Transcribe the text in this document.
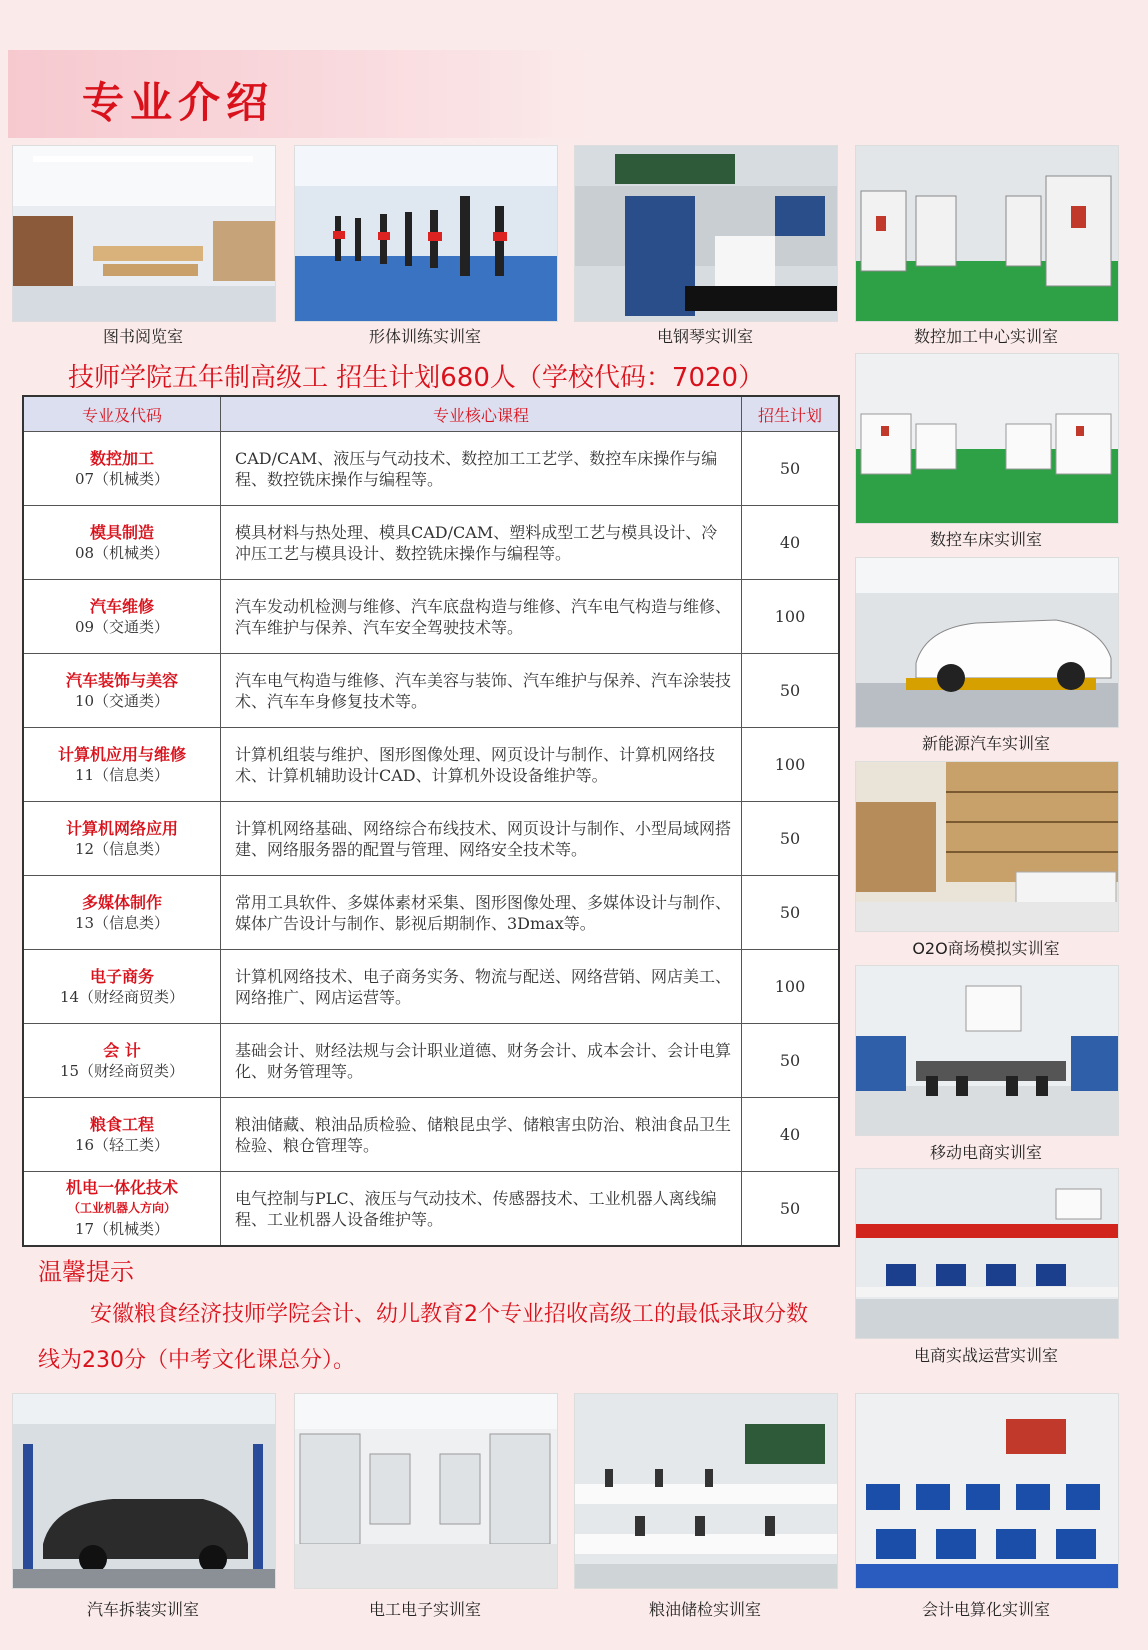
专业介绍
图书阅览室	形体训练实训室	电钢琴实训室	数控加工中心实训室
数控车床实训室
新能源汽车实训室
O2O商场模拟实训室
移动电商实训室
电商实战运营实训室
技师学院五年制高级工 招生计划680人（学校代码：7020）
专业及代码	专业核心课程	招生计划

数控加工
07（机械类）	CAD/CAM、液压与气动技术、数控加工工艺学、数控车床操作与编程、数控铣床操作与编程等。	50

模具制造
08（机械类）	模具材料与热处理、模具CAD/CAM、塑料成型工艺与模具设计、冷冲压工艺与模具设计、数控铣床操作与编程等。	40

汽车维修
09（交通类）	汽车发动机检测与维修、汽车底盘构造与维修、汽车电气构造与维修、汽车维护与保养、汽车安全驾驶技术等。	100

汽车装饰与美容
10（交通类）	汽车电气构造与维修、汽车美容与装饰、汽车维护与保养、汽车涂装技术、汽车车身修复技术等。	50

计算机应用与维修
11（信息类）	计算机组装与维护、图形图像处理、网页设计与制作、计算机网络技术、计算机辅助设计CAD、计算机外设设备维护等。	100

计算机网络应用
12（信息类）	计算机网络基础、网络综合布线技术、网页设计与制作、小型局域网搭建、网络服务器的配置与管理、网络安全技术等。	50

多媒体制作
13（信息类）	常用工具软件、多媒体素材采集、图形图像处理、多媒体设计与制作、媒体广告设计与制作、影视后期制作、3Dmax等。	50

电子商务
14（财经商贸类）	计算机网络技术、电子商务实务、物流与配送、网络营销、网店美工、网络推广、网店运营等。	100

会 计
15（财经商贸类）	基础会计、财经法规与会计职业道德、财务会计、成本会计、会计电算化、财务管理等。	50

粮食工程
16（轻工类）	粮油储藏、粮油品质检验、储粮昆虫学、储粮害虫防治、粮油食品卫生检验、粮仓管理等。	40

机电一体化技术
（工业机器人方向）
17（机械类）	电气控制与PLC、液压与气动技术、传感器技术、工业机器人离线编程、工业机器人设备维护等。	50
温馨提示
安徽粮食经济技师学院会计、幼儿教育2个专业招收高级工的最低录取分数线为230分（中考文化课总分）。
汽车拆装实训室	电工电子实训室	粮油储检实训室	会计电算化实训室
